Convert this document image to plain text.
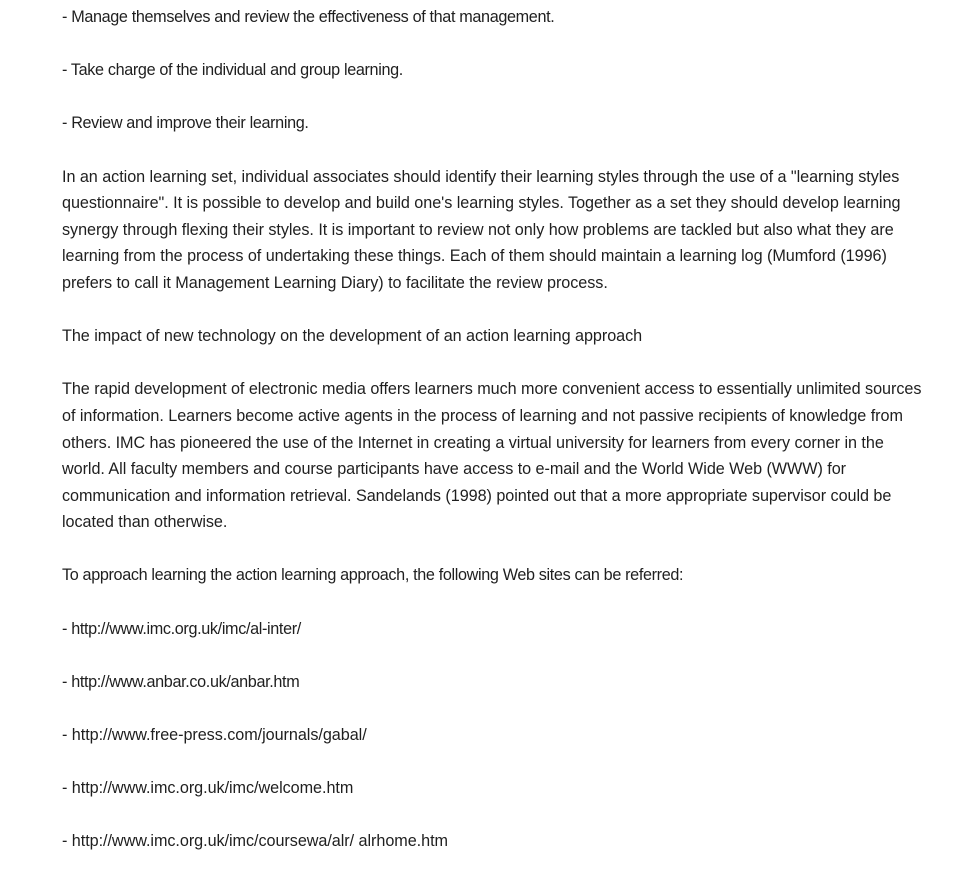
- Manage themselves and review the effectiveness of that management.

- Take charge of the individual and group learning.

- Review and improve their learning.

In an action learning set, individual associates should identify their learning styles through the use of a "learning styles questionnaire". It is possible to develop and build one's learning styles. Together as a set they should develop learning synergy through flexing their styles. It is important to review not only how problems are tackled but also what they are learning from the process of undertaking these things. Each of them should maintain a learning log (Mumford (1996) prefers to call it Management Learning Diary) to facilitate the review process.

The impact of new technology on the development of an action learning approach

The rapid development of electronic media offers learners much more convenient access to essentially unlimited sources of information. Learners become active agents in the process of learning and not passive recipients of knowledge from others. IMC has pioneered the use of the Internet in creating a virtual university for learners from every corner in the world. All faculty members and course participants have access to e-mail and the World Wide Web (WWW) for communication and information retrieval. Sandelands (1998) pointed out that a more appropriate supervisor could be located than otherwise.

To approach learning the action learning approach, the following Web sites can be referred:

- http://www.imc.org.uk/imc/al-inter/

- http://www.anbar.co.uk/anbar.htm

- http://www.free-press.com/journals/gabal/

- http://www.imc.org.uk/imc/welcome.htm

- http://www.imc.org.uk/imc/coursewa/alr/ alrhome.htm
